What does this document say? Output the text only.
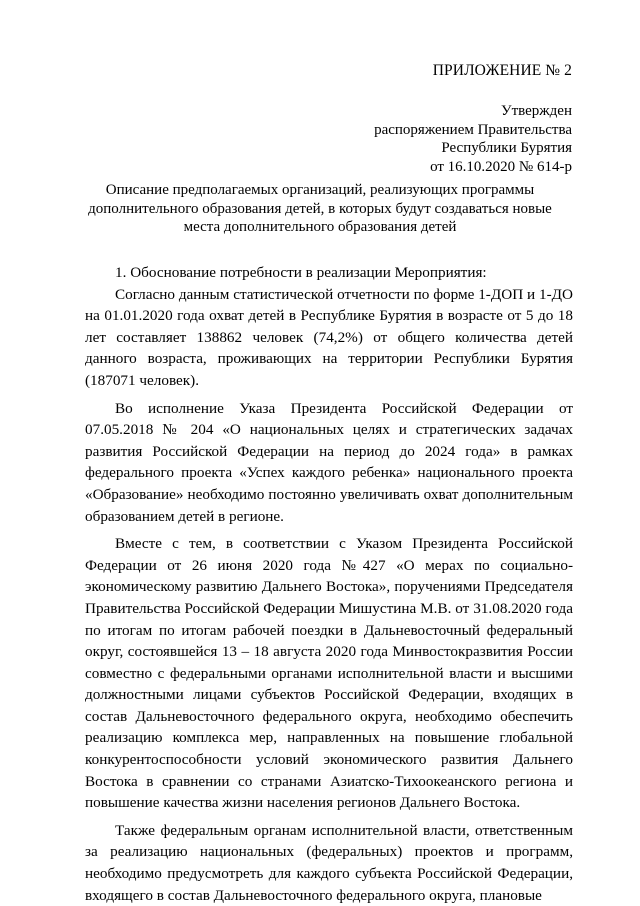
ПРИЛОЖЕНИЕ № 2
Утвержден
распоряжением Правительства
Республики Бурятия
от 16.10.2020 № 614-р
Описание предполагаемых организаций, реализующих программы
дополнительного образования детей, в которых будут создаваться новые
места дополнительного образования детей

1. Обоснование потребности в реализации Мероприятия:

Согласно данным статистической отчетности по форме 1-ДОП и 1-ДО на 01.01.2020 года охват детей в Республике Бурятия в возрасте от 5 до 18 лет составляет 138862 человек (74,2%) от общего количества детей данного возраста, проживающих на территории Республики Бурятия (187071 человек).

Во исполнение Указа Президента Российской Федерации от 07.05.2018 № 204 «О национальных целях и стратегических задачах развития Российской Федерации на период до 2024 года» в рамках федерального проекта «Успех каждого ребенка» национального проекта «Образование» необходимо постоянно увеличивать охват дополнительным образованием детей в регионе.

Вместе с тем, в соответствии с Указом Президента Российской Федерации от 26 июня 2020 года №427 «О мерах по социально-экономическому развитию Дальнего Востока», поручениями Председателя Правительства Российской Федерации Мишустина М.В. от 31.08.2020 года по итогам по итогам рабочей поездки в Дальневосточный федеральный округ, состоявшейся 13 – 18 августа 2020 года Минвостокразвития России совместно с федеральными органами исполнительной власти и высшими должностными лицами субъектов Российской Федерации, входящих в состав Дальневосточного федерального округа, необходимо обеспечить реализацию комплекса мер, направленных на повышение глобальной конкурентоспособности условий экономического развития Дальнего Востока в сравнении со странами Азиатско-Тихоокеанского региона и повышение качества жизни населения регионов Дальнего Востока.

Также федеральным органам исполнительной власти, ответственным за реализацию национальных (федеральных) проектов и программ, необходимо предусмотреть для каждого субъекта Российской Федерации, входящего в состав Дальневосточного федерального округа, плановые
